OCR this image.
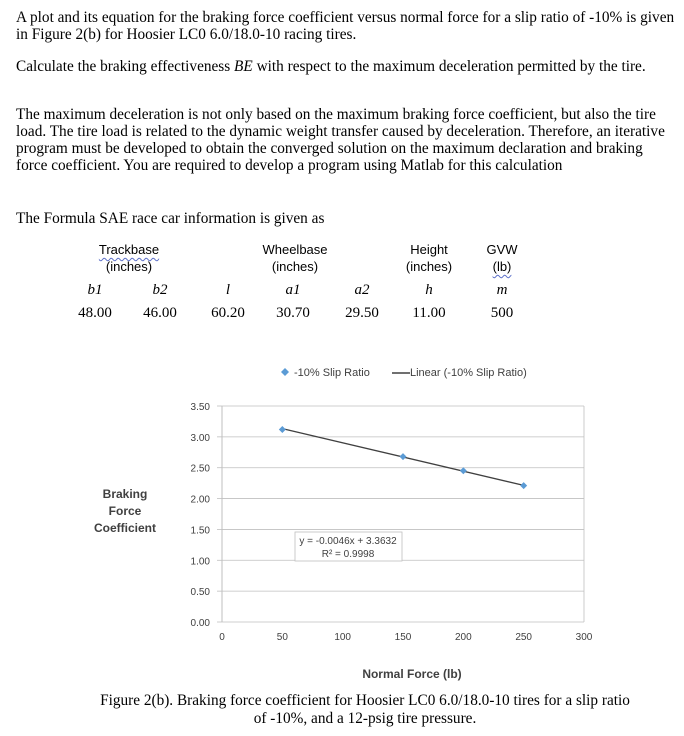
A plot and its equation for the braking force coefficient versus normal force for a slip ratio of -10% is given in Figure 2(b) for Hoosier LC0 6.0/18.0-10 racing tires.

Calculate the braking effectiveness BE with respect to the maximum deceleration permitted by the tire.

The maximum deceleration is not only based on the maximum braking force coefficient, but also the tire load. The tire load is related to the dynamic weight transfer caused by deceleration. Therefore, an iterative program must be developed to obtain the converged solution on the maximum declaration and braking force coefficient. You are required to develop a program using Matlab for this calculation

The Formula SAE race car information is given as

Trackbase
(inches)
Wheelbase
(inches)
Height
(inches)
GVW
(lb)
b1	b2	l	a1	a2	h	m
48.00	46.00	60.20	30.70	29.50	11.00	500
-10% Slip Ratio	Linear (-10% Slip Ratio)
0.00
0.50
1.00
1.50
2.00
2.50
3.00
3.50
0	50	100	150	200	250	300
Braking
Force
Coefficient
Normal Force (lb)
y = -0.0046x + 3.3632
R² = 0.9998

Figure 2(b). Braking force coefficient for Hoosier LC0 6.0/18.0-10 tires for a slip ratio of -10%, and a 12-psig tire pressure.
